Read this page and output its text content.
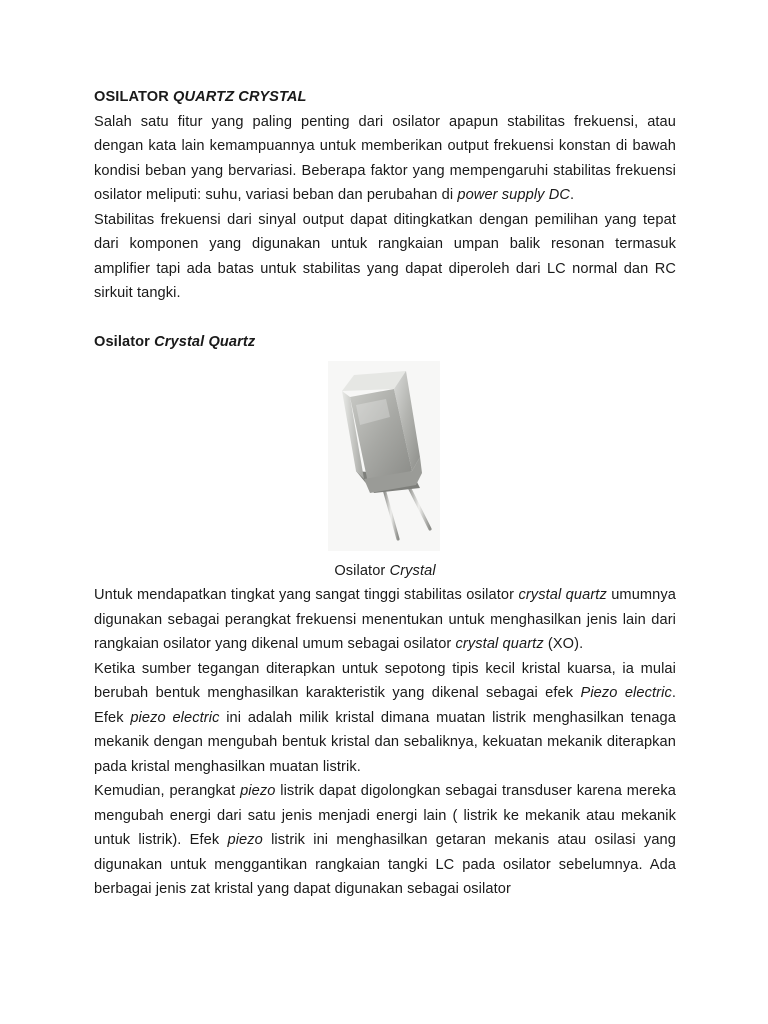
OSILATOR QUARTZ CRYSTAL

Salah satu fitur yang paling penting dari osilator apapun stabilitas frekuensi, atau dengan kata lain kemampuannya untuk memberikan output frekuensi konstan di bawah kondisi beban yang bervariasi. Beberapa faktor yang mempengaruhi stabilitas frekuensi osilator meliputi: suhu, variasi beban dan perubahan di power supply DC.

Stabilitas frekuensi dari sinyal output dapat ditingkatkan dengan pemilihan yang tepat dari komponen yang digunakan untuk rangkaian umpan balik resonan termasuk amplifier tapi ada batas untuk stabilitas yang dapat diperoleh dari LC normal dan RC sirkuit tangki.

Osilator Crystal Quartz

Osilator Crystal

Untuk mendapatkan tingkat yang sangat tinggi stabilitas osilator crystal quartz umumnya digunakan sebagai perangkat frekuensi menentukan untuk menghasilkan jenis lain dari rangkaian osilator yang dikenal umum sebagai osilator crystal quartz (XO).

Ketika sumber tegangan diterapkan untuk sepotong tipis kecil kristal kuarsa, ia mulai berubah bentuk menghasilkan karakteristik yang dikenal sebagai efek Piezo electric. Efek piezo electric ini adalah milik kristal dimana muatan listrik menghasilkan tenaga mekanik dengan mengubah bentuk kristal dan sebaliknya, kekuatan mekanik diterapkan pada kristal menghasilkan muatan listrik.

Kemudian, perangkat piezo listrik dapat digolongkan sebagai transduser karena mereka mengubah energi dari satu jenis menjadi energi lain ( listrik ke mekanik atau mekanik untuk listrik). Efek piezo listrik ini menghasilkan getaran mekanis atau osilasi yang digunakan untuk menggantikan rangkaian tangki LC pada osilator sebelumnya. Ada berbagai jenis zat kristal yang dapat digunakan sebagai osilator
